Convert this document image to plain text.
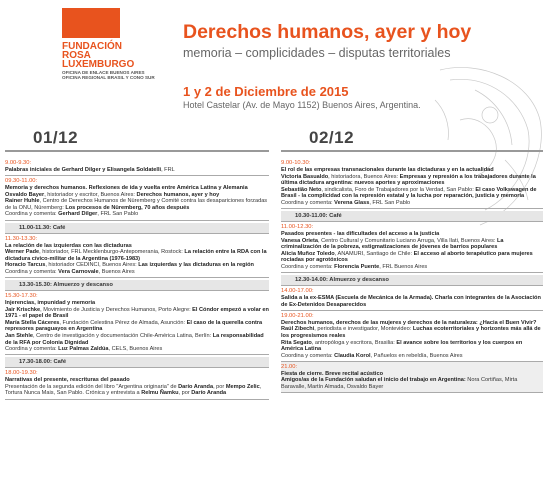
FUNDACIÓN
ROSA
LUXEMBURGO
OFICINA DE ENLACE BUENOS AIRES
OFICINA REGIONAL BRASIL Y CONO SUR
Derechos humanos, ayer y hoy
memoria – complicidades – disputas territoriales
1 y 2 de Diciembre de 2015
Hotel Castelar (Av. de Mayo 1152) Buenos Aires, Argentina.
01/12
9.00-9.30:
Palabras iniciales de Gerhard Dilger y Elisangela Soldatelli, FRL
09.30-11.00:
Memoria y derechos humanos. Reflexiones de ida y vuelta entre América Latina y Alemania
Osvaldo Bayer, historiador y escritor, Buenos Aires: Derechos humanos, ayer y hoy
Rainer Huhle, Centro de Derechos Humanos de Nüremberg y Comité contra las desapariciones forzadas de la ONU, Nüremberg: Los procesos de Nüremberg, 70 años después
Coordina y comenta: Gerhard Dilger, FRL San Pablo
11.00-11.30: Café
11.30-13.30:
La relación de las izquierdas con las dictaduras
Werner Pade, historiador, FRL Mecklenburgo-Antepomerania, Rostock: La relación entre la RDA con la dictadura cívico-militar de la Argentina (1976-1983)
Horacio Tarcus, historiador CEDINCI, Buenos Aires: Las izquierdas y las dictaduras en la región
Coordina y comenta: Vera Carnovale, Buenos Aires
13.30-15.30: Almuerzo y descanso
15.30-17.30:
Injerencias, impunidad y memoria
Jair Krischke, Movimiento de Justicia y Derechos Humanos, Porto Alegre: El Cóndor empezó a volar en 1971 - el papel de Brasil
María Stella Cáceres, Fundación Celestina Pérez de Almada, Asunción: El caso de la querella contra represores paraguayos en Argentina
Jan Stehle, Centro de investigación y documentación Chile-América Latina, Berlín: La responsabilidad de la RFA por Colonia Dignidad
Coordina y comenta: Luz Palmas Zaldúa, CELS, Buenos Aires
17.30-18.00: Café
18.00-19.30:
Narrativas del presente, rescrituras del pasado
Presentación de la segunda edición del libro "Argentina originaria" de Darío Aranda, por Mempo Zelic, Tortura Nunca Mais, San Pablo. Crónica y entrevista a Relmu Ñamku, por Darío Aranda
02/12
9.00-10.30:
El rol de las empresas transnacionales durante las dictaduras y en la actualidad
Victoria Basualdo, historiadora, Buenos Aires: Empresas y represión a los trabajadores durante la última dictadura argentina: nuevos aportes y aproximaciones
Sebastião Neto, sindicalista, Foro de Trabajadores por la Verdad, San Pablo: El caso Volkswagen de Brasil - la complicidad con la represión estatal y la lucha por reparación, justicia y memoria
Coordina y comenta: Verena Glass, FRL San Pablo
10.30-11.00: Café
11.00-12.30:
Pasados presentes - las dificultades del acceso a la justicia
Vanesa Orieta, Centro Cultural y Comunitario Luciano Arruga, Villa Ilati, Buenos Aires: La criminalización de la pobreza, estigmatizaciones de jóvenes de barrios populares
Alicia Muñoz Toledo, ANAMURI, Santiago de Chile: El acceso al aborto terapéutico para mujeres rociadas por agrotóxicos
Coordina y comenta: Florencia Puente, FRL Buenos Aires
12.30-14.00: Almuerzo y descanso
14.00-17.00:
Salida a la ex-ESMA (Escuela de Mecánica de la Armada). Charla con integrantes de la Asociación de Ex-Detenidos Desaparecidos
19.00-21.00:
Derechos humanos, derechos de las mujeres y derechos de la naturaleza: ¿Hacia el Buen Vivir?
Raúl Zibechi, periodista e investigador, Montevideo: Luchas ecoterritoriales y horizontes más allá de los progresismos reales
Rita Segato, antropóloga y escritora, Brasilia: El avance sobre los territorios y los cuerpos en América Latina
Coordina y comenta: Claudia Korol, Pañuelos en rebeldía, Buenos Aires
21.00:
Fiesta de cierre. Breve recital acústico
Amigos/as de la Fundación saludan el inicio del trabajo en Argentina: Nora Cortiñas, Mirta Baravalle, Martín Almada, Osvaldo Bayer
